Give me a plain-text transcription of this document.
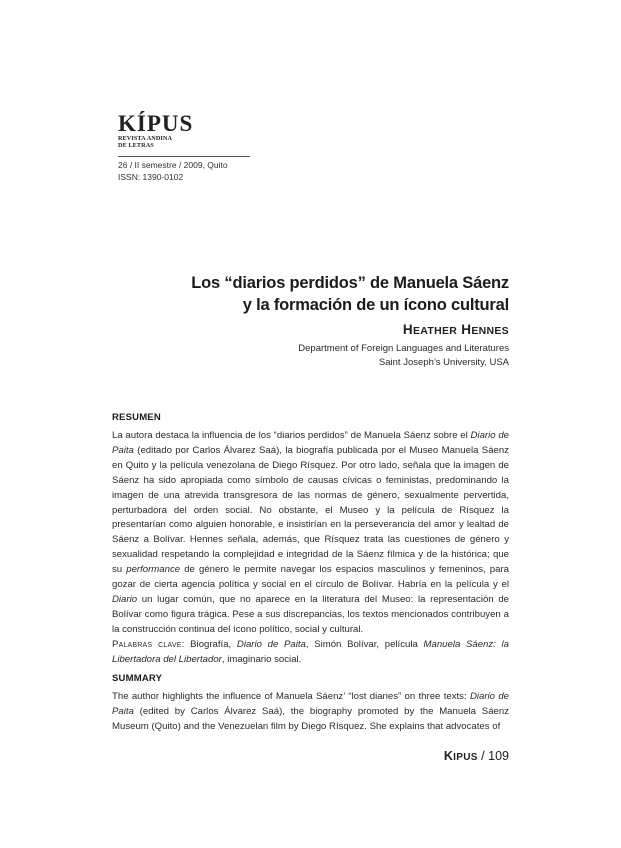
KÍPUS
REVISTA ANDINA
DE LETRAS
26 / II semestre / 2009, Quito
ISSN: 1390-0102
Los “diarios perdidos” de Manuela Sáenz
y la formación de un ícono cultural
HEATHER HENNES
Department of Foreign Languages and Literatures
Saint Joseph’s University, USA
RESUMEN

La autora destaca la influencia de los “diarios perdidos” de Manuela Sáenz sobre el Diario de Paita (editado por Carlos Álvarez Saá), la biografía publicada por el Museo Manuela Sáenz en Quito y la película venezolana de Diego Rísquez. Por otro lado, señala que la imagen de Sáenz ha sido apropiada como símbolo de causas cívicas o feministas, predominando la imagen de una atrevida transgresora de las normas de género, sexualmente pervertida, perturbadora del orden social. No obstante, el Museo y la película de Rísquez la presentarían como alguien honorable, e insistirían en la perseverancia del amor y lealtad de Sáenz a Bolívar. Hennes señala, además, que Rísquez trata las cuestiones de género y sexualidad respetando la complejidad e integridad de la Sáenz fílmica y de la histórica; que su performance de género le permite navegar los espacios masculinos y femeninos, para gozar de cierta agencia política y social en el círculo de Bolívar. Habría en la película y el Diario un lugar común, que no aparece en la literatura del Museo: la representación de Bolívar como figura trágica. Pese a sus discrepancias, los textos mencionados contribuyen a la construcción continua del ícono político, social y cultural.

Palabras clave: Biografía, Diario de Paita, Simón Bolívar, película Manuela Sáenz: la Libertadora del Libertador, imaginario social.

SUMMARY

The author highlights the influence of Manuela Sáenz’ “lost diaries” on three texts: Diario de Paita (edited by Carlos Álvarez Saá), the biography promoted by the Manuela Sáenz Museum (Quito) and the Venezuelan film by Diego Rísquez. She explains that advocates of

KIPUS / 109
